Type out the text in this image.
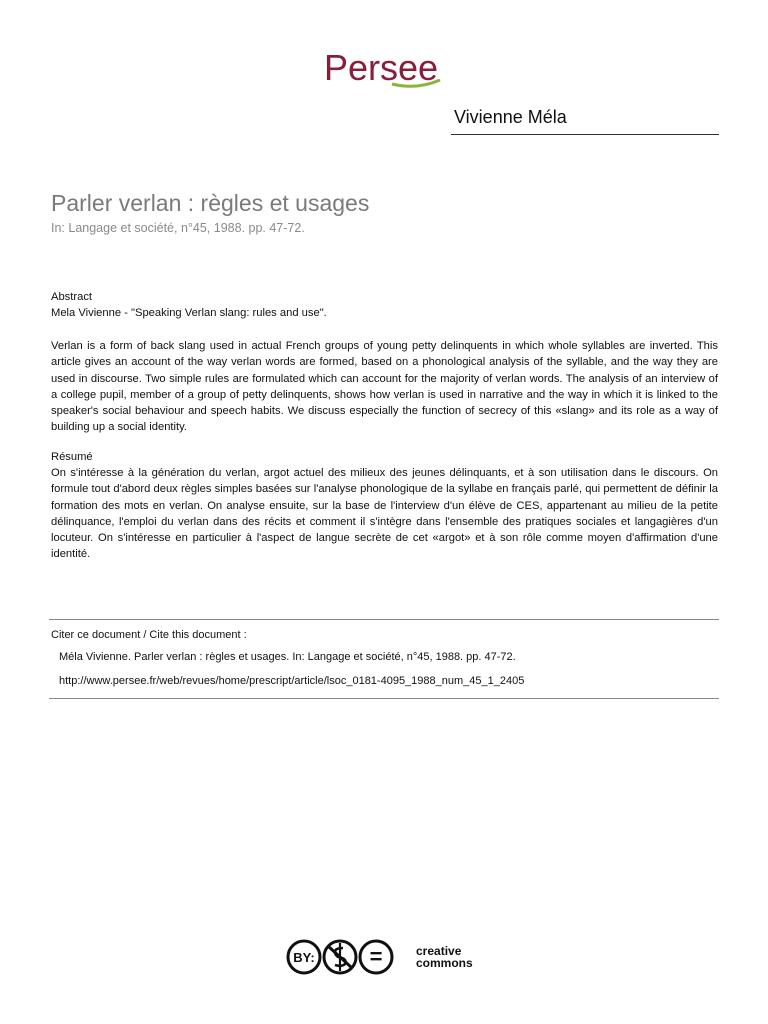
Persee
Vivienne Méla
Parler verlan : règles et usages
In: Langage et société, n°45, 1988. pp. 47-72.
Abstract
Mela Vivienne - "Speaking Verlan slang: rules and use".
Verlan is a form of back slang used in actual French groups of young petty delinquents in which whole syllables are inverted. This article gives an account of the way verlan words are formed, based on a phonological analysis of the syllable, and the way they are used in discourse. Two simple rules are formulated which can account for the majority of verlan words. The analysis of an interview of a college pupil, member of a group of petty delinquents, shows how verlan is used in narrative and the way in which it is linked to the speaker's social behaviour and speech habits. We discuss especially the function of secrecy of this «slang» and its role as a way of building up a social identity.
Résumé
On s'intéresse à la génération du verlan, argot actuel des milieux des jeunes délinquants, et à son utilisation dans le discours. On formule tout d'abord deux règles simples basées sur l'analyse phonologique de la syllabe en français parlé, qui permettent de définir la formation des mots en verlan. On analyse ensuite, sur la base de l'interview d'un élève de CES, appartenant au milieu de la petite délinquance, l'emploi du verlan dans des récits et comment il s'intègre dans l'ensemble des pratiques sociales et langagières d'un locuteur. On s'intéresse en particulier à l'aspect de langue secrète de cet «argot» et à son rôle comme moyen d'affirmation d'une identité.
Citer ce document / Cite this document :
Méla Vivienne. Parler verlan : règles et usages. In: Langage et société, n°45, 1988. pp. 47-72.
http://www.persee.fr/web/revues/home/prescript/article/lsoc_0181-4095_1988_num_45_1_2405
BY: =	creative
commons
